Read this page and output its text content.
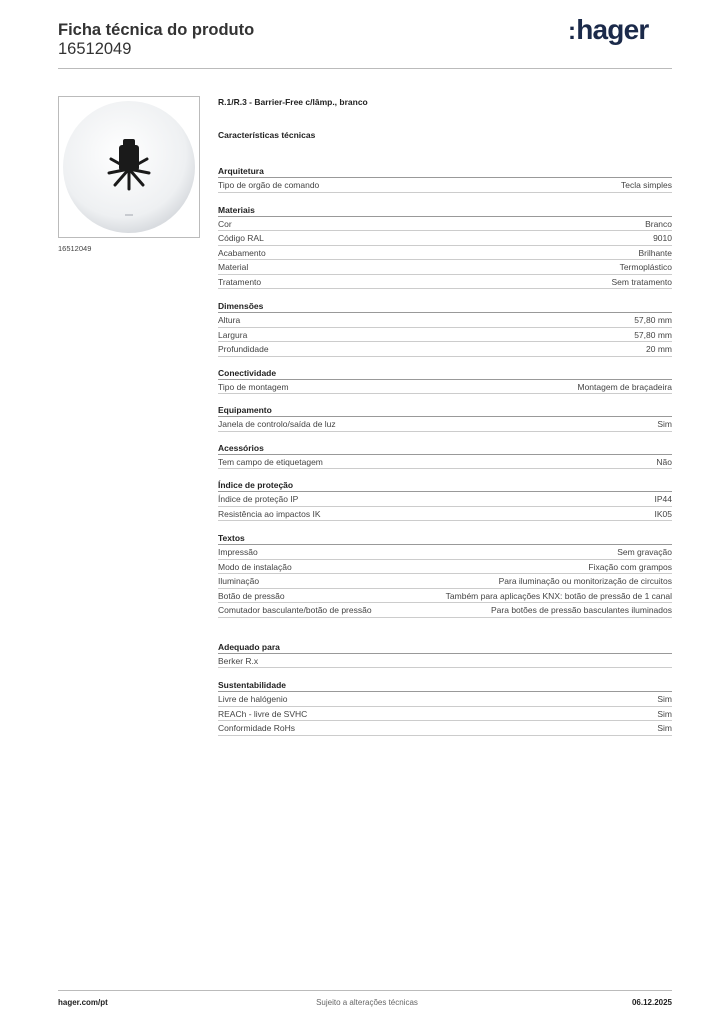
Ficha técnica do produto
16512049
:hager
16512049
R.1/R.3 - Barrier-Free c/lâmp., branco
Características técnicas
Arquitetura
Tipo de orgão de comando	Tecla simples
Materiais
Cor	Branco
Código RAL	9010
Acabamento	Brilhante
Material	Termoplástico
Tratamento	Sem tratamento
Dimensões
Altura	57,80 mm
Largura	57,80 mm
Profundidade	20 mm
Conectividade
Tipo de montagem	Montagem de braçadeira
Equipamento
Janela de controlo/saída de luz	Sim
Acessórios
Tem campo de etiquetagem	Não
Índice de proteção
Índice de proteção IP	IP44
Resistência ao impactos IK	IK05
Textos
Impressão	Sem gravação
Modo de instalação	Fixação com grampos
Iluminação	Para iluminação ou monitorização de circuitos
Botão de pressão	Também para aplicações KNX: botão de pressão de 1 canal
Comutador basculante/botão de pressão	Para botões de pressão basculantes iluminados
Adequado para
Berker R.x
Sustentabilidade
Livre de halógenio	Sim
REACh - livre de SVHC	Sim
Conformidade RoHs	Sim
hager.com/pt	Sujeito a alterações técnicas	06.12.2025
